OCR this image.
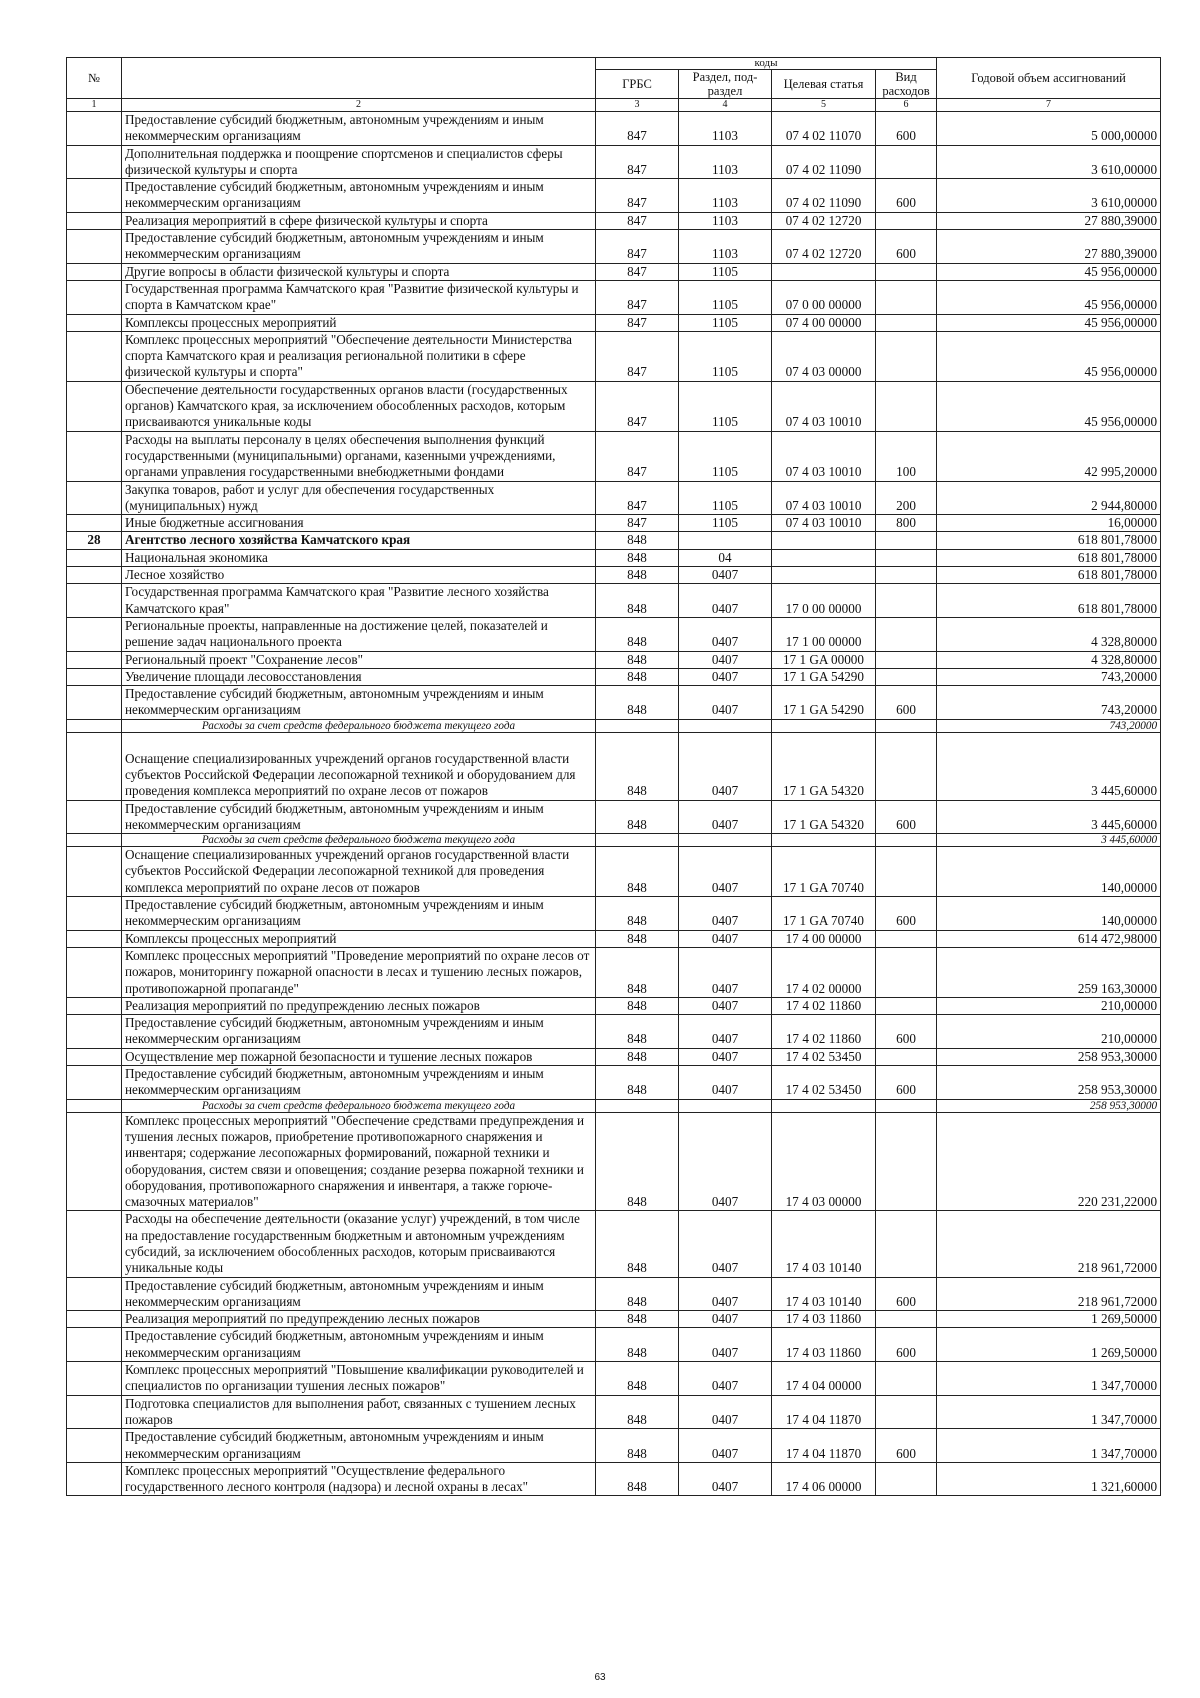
№		коды				Годовой объем ассигнований
		ГРБС	Раздел, под-раздел	Целевая статья	Вид расходов	
1	2	3	4	5	6	7
	Предоставление субсидий бюджетным, автономным учреждениям и иным некоммерческим организациям	847	1103	07 4 02 11070	600	5 000,00000
	Дополнительная поддержка и поощрение спортсменов и специалистов сферы физической культуры и спорта	847	1103	07 4 02 11090		3 610,00000
	Предоставление субсидий бюджетным, автономным учреждениям и иным некоммерческим организациям	847	1103	07 4 02 11090	600	3 610,00000
	Реализация мероприятий в сфере физической культуры и спорта	847	1103	07 4 02 12720		27 880,39000
	Предоставление субсидий бюджетным, автономным учреждениям и иным некоммерческим организациям	847	1103	07 4 02 12720	600	27 880,39000
	Другие вопросы в области физической культуры и спорта	847	1105			45 956,00000
	Государственная программа Камчатского края "Развитие физической культуры и спорта в Камчатском крае"	847	1105	07 0 00 00000		45 956,00000
	Комплексы процессных мероприятий	847	1105	07 4 00 00000		45 956,00000
	Комплекс процессных мероприятий "Обеспечение деятельности Министерства спорта Камчатского края и реализация региональной политики в сфере физической культуры и спорта"	847	1105	07 4 03 00000		45 956,00000
	Обеспечение деятельности государственных органов власти (государственных органов) Камчатского края, за исключением обособленных расходов, которым присваиваются уникальные коды	847	1105	07 4 03 10010		45 956,00000
	Расходы на выплаты персоналу в целях обеспечения выполнения функций государственными (муниципальными) органами, казенными учреждениями, органами управления государственными внебюджетными фондами	847	1105	07 4 03 10010	100	42 995,20000
	Закупка товаров, работ и услуг для обеспечения государственных (муниципальных) нужд	847	1105	07 4 03 10010	200	2 944,80000
	Иные бюджетные ассигнования	847	1105	07 4 03 10010	800	16,00000
28	Агентство лесного хозяйства Камчатского края	848				618 801,78000
	Национальная экономика	848	04			618 801,78000
	Лесное хозяйство	848	0407			618 801,78000
	Государственная программа Камчатского края "Развитие лесного хозяйства Камчатского края"	848	0407	17 0 00 00000		618 801,78000
	Региональные проекты, направленные на достижение целей, показателей и решение задач национального проекта	848	0407	17 1 00 00000		4 328,80000
	Региональный проект "Сохранение лесов"	848	0407	17 1 GA 00000		4 328,80000
	Увеличение площади лесовосстановления	848	0407	17 1 GA 54290		743,20000
	Предоставление субсидий бюджетным, автономным учреждениям и иным некоммерческим организациям	848	0407	17 1 GA 54290	600	743,20000
	Расходы за счет средств федерального бюджета текущего года					743,20000
	Оснащение специализированных учреждений органов государственной власти субъектов Российской Федерации лесопожарной техникой и оборудованием для проведения комплекса мероприятий по охране лесов от пожаров	848	0407	17 1 GA 54320		3 445,60000
	Предоставление субсидий бюджетным, автономным учреждениям и иным некоммерческим организациям	848	0407	17 1 GA 54320	600	3 445,60000
	Расходы за счет средств федерального бюджета текущего года					3 445,60000
	Оснащение специализированных учреждений органов государственной власти субъектов Российской Федерации лесопожарной техникой для проведения комплекса мероприятий по охране лесов от пожаров	848	0407	17 1 GA 70740		140,00000
	Предоставление субсидий бюджетным, автономным учреждениям и иным некоммерческим организациям	848	0407	17 1 GA 70740	600	140,00000
	Комплексы процессных мероприятий	848	0407	17 4 00 00000		614 472,98000
	Комплекс процессных мероприятий "Проведение мероприятий по охране лесов от пожаров, мониторингу пожарной опасности в лесах и тушению лесных пожаров, противопожарной пропаганде"	848	0407	17 4 02 00000		259 163,30000
	Реализация мероприятий по предупреждению лесных пожаров	848	0407	17 4 02 11860		210,00000
	Предоставление субсидий бюджетным, автономным учреждениям и иным некоммерческим организациям	848	0407	17 4 02 11860	600	210,00000
	Осуществление мер пожарной безопасности и тушение лесных пожаров	848	0407	17 4 02 53450		258 953,30000
	Предоставление субсидий бюджетным, автономным учреждениям и иным некоммерческим организациям	848	0407	17 4 02 53450	600	258 953,30000
	Расходы за счет средств федерального бюджета текущего года					258 953,30000
	Комплекс процессных мероприятий "Обеспечение средствами предупреждения и тушения лесных пожаров, приобретение противопожарного снаряжения и инвентаря; содержание лесопожарных формирований, пожарной техники и оборудования, систем связи и оповещения; создание резерва пожарной техники и оборудования, противопожарного снаряжения и инвентаря, а также горюче-смазочных материалов"	848	0407	17 4 03 00000		220 231,22000
	Расходы на обеспечение деятельности (оказание услуг) учреждений, в том числе на предоставление государственным бюджетным и автономным учреждениям субсидий, за исключением обособленных расходов, которым присваиваются уникальные коды	848	0407	17 4 03 10140		218 961,72000
	Предоставление субсидий бюджетным, автономным учреждениям и иным некоммерческим организациям	848	0407	17 4 03 10140	600	218 961,72000
	Реализация мероприятий по предупреждению лесных пожаров	848	0407	17 4 03 11860		1 269,50000
	Предоставление субсидий бюджетным, автономным учреждениям и иным некоммерческим организациям	848	0407	17 4 03 11860	600	1 269,50000
	Комплекс процессных мероприятий "Повышение квалификации руководителей и специалистов по организации тушения лесных пожаров"	848	0407	17 4 04 00000		1 347,70000
	Подготовка специалистов для выполнения работ, связанных с тушением лесных пожаров	848	0407	17 4 04 11870		1 347,70000
	Предоставление субсидий бюджетным, автономным учреждениям и иным некоммерческим организациям	848	0407	17 4 04 11870	600	1 347,70000
	Комплекс процессных мероприятий "Осуществление федерального государственного лесного контроля (надзора) и лесной охраны в лесах"	848	0407	17 4 06 00000		1 321,60000
63
